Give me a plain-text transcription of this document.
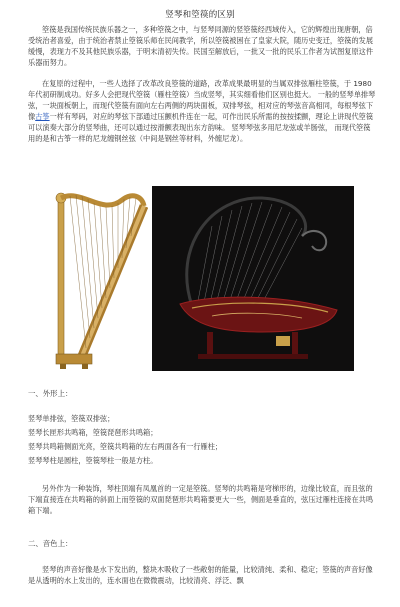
竖琴和箜篌的区别
箜篌是我国传统民族乐器之一，多种箜篌之中，与竖琴同源的竖箜篌经西域传入，它的辉煌出现唐朝，倍受统治者喜爱，由于统治者禁止箜篌乐师在民间教学，所以箜篌被困在了皇家大院，随历史变迁，箜篌的发展缓慢，表现力不及其他民族乐器，于明末清初失传。民国至解放后，一批又一批的民乐工作者为试图复原这件乐器而努力。
在复原的过程中，一些人选择了改革改良箜篌的道路，改革成果最明显的当属双排弦雁柱箜篌，于 1980 年代初研制成功。好多人会把现代箜篌（雁柱箜篌）当成竖琴，其实细看他们区别也挺大。 一般的竖琴单排琴弦，一块面板朝上，而现代箜篌有面向左右两侧的两块面板，双排琴弦，相对应的琴弦音高相同，每根琴弦下像古筝一样有琴码，对应的琴弦下部通过压颤机件连在一起，可作出民乐所需的按按揉颤，理论上讲现代箜篌可以演奏大部分的竖琴曲，还可以通过按滑颤表现出东方韵味。 竖琴琴弦多用尼龙弦或羊肠弦， 而现代箜篌用的是和古筝一样的尼龙缠钢丝弦（中间是钢丝等材料，外缠尼龙）。
一、外形上：
竖琴单排弦，箜篌双排弦；
竖琴长匣形共鸣箱，箜篌琵琶形共鸣箱；
竖琴共鸣箱侧面光亮，箜篌共鸣箱的左右两面各有一行雁柱；
竖琴琴柱是圆柱，箜篌琴柱一般是方柱。
另外作为一种装饰，琴柱顶端有凤凰首的一定是箜篌。竖琴的共鸣箱是穹梯形的，边缘比较直，而且弦的下端直接连在共鸣箱的斜面上而箜篌的双面琵琶形共鸣箱要更大一些，侧面是垂直的，弦压过雁柱连接在共鸣箱下端。
二、音色上：
竖琴的声音好像是水下发出的，整块木吸收了一些敞射的能量，比较清纯、柔和、稳定；箜篌的声音好像是从透明的水上发出的，连水面也在微微震动，比较清亮、浮泛、飘
